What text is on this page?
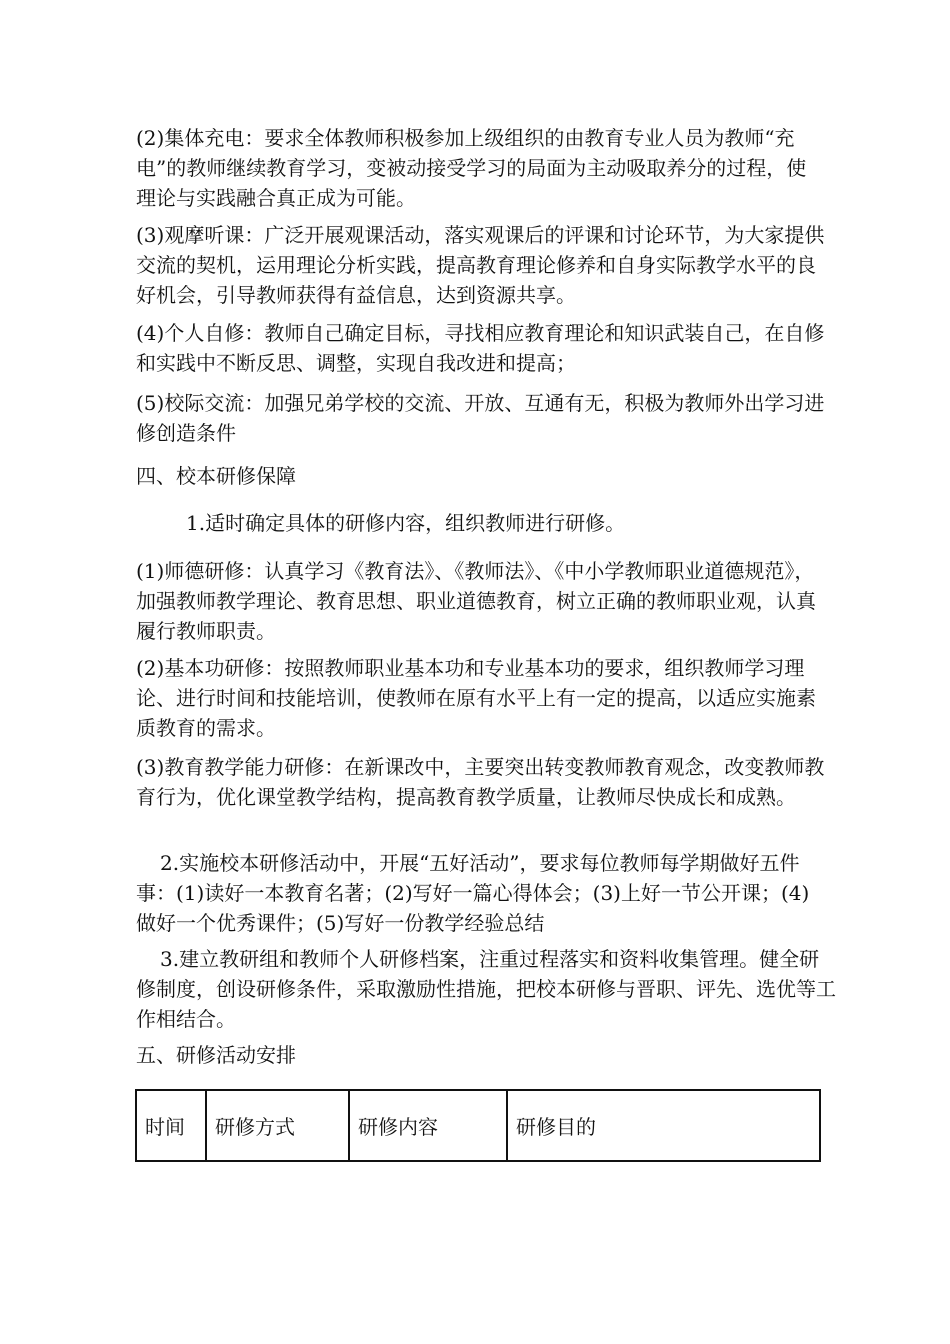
(2)集体充电：要求全体教师积极参加上级组织的由教育专业人员为教师“充电”的教师继续教育学习，变被动接受学习的局面为主动吸取养分的过程，使理论与实践融合真正成为可能。

(3)观摩听课：广泛开展观课活动，落实观课后的评课和讨论环节，为大家提供交流的契机，运用理论分析实践，提高教育理论修养和自身实际教学水平的良好机会，引导教师获得有益信息，达到资源共享。

(4)个人自修：教师自己确定目标，寻找相应教育理论和知识武装自己，在自修和实践中不断反思、调整，实现自我改进和提高；

(5)校际交流：加强兄弟学校的交流、开放、互通有无，积极为教师外出学习进修创造条件

四、校本研修保障

1.适时确定具体的研修内容，组织教师进行研修。

(1)师德研修：认真学习《教育法》、《教师法》、《中小学教师职业道德规范》，加强教师教学理论、教育思想、职业道德教育，树立正确的教师职业观，认真履行教师职责。

(2)基本功研修：按照教师职业基本功和专业基本功的要求，组织教师学习理论、进行时间和技能培训，使教师在原有水平上有一定的提高，以适应实施素质教育的需求。

(3)教育教学能力研修：在新课改中，主要突出转变教师教育观念，改变教师教育行为，优化课堂教学结构，提高教育教学质量，让教师尽快成长和成熟。

2.实施校本研修活动中，开展“五好活动”，要求每位教师每学期做好五件事：(1)读好一本教育名著；(2)写好一篇心得体会；(3)上好一节公开课；(4)做好一个优秀课件；(5)写好一份教学经验总结

3.建立教研组和教师个人研修档案，注重过程落实和资料收集管理。健全研修制度，创设研修条件，采取激励性措施，把校本研修与晋职、评先、选优等工作相结合。

五、研修活动安排
时间	研修方式	研修内容	研修目的
